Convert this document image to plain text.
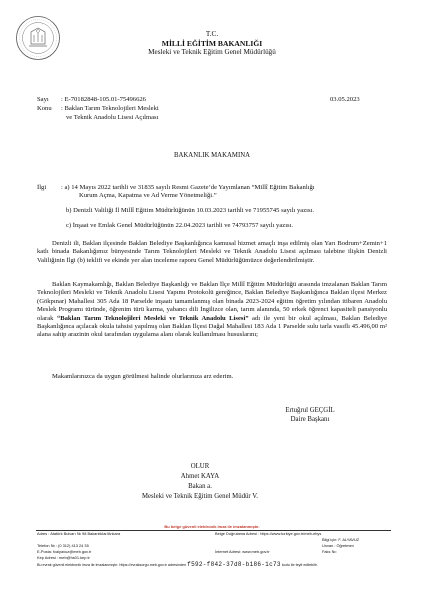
T.C.
MİLLİ EĞİTİM BAKANLIĞI
Mesleki ve Teknik Eğitim Genel Müdürlüğü
Sayı : E-70182848-105.01-75496626	03.05.2023
Konu : Baklan Tarım Teknolojileri Mesleki
ve Teknik Anadolu Lisesi Açılması
BAKANLIK MAKAMINA
İlgi : a) 14 Mayıs 2022 tarihli ve 31835 sayılı Resmi Gazete’de Yayımlanan “Millî Eğitim Bakanlığı
Kurum Açma, Kapatma ve Ad Verme Yönetmeliği.”
b) Denizli Valiliği İl Millî Eğitim Müdürlüğünün 10.03.2023 tarihli ve 71955745 sayılı yazısı.
c) İnşaat ve Emlak Genel Müdürlüğünün 22.04.2023 tarihli ve 74793757 sayılı yazısı.
Denizli ili, Baklan ilçesinde Baklan Belediye Başkanlığınca kamusal hizmet amaçlı inşa edilmiş olan Yarı Bodrum+Zemin+1 katlı binada Bakanlığımız bünyesinde Tarım Teknolojileri Mesleki ve Teknik Anadolu Lisesi açılması talebine ilişkin Denizli Valiliğinin İlgi (b) teklifi ve ekinde yer alan inceleme raporu Genel Müdürlüğümüzce değerlendirilmiştir.
Baklan Kaymakamlığı, Baklan Belediye Başkanlığı ve Baklan İlçe Millî Eğitim Müdürlüğü arasında imzalanan Baklan Tarım Teknolojileri Mesleki ve Teknik Anadolu Lisesi Yapımı Protokolü gereğince, Baklan Belediye Başkanlığınca Baklan ilçesi Merkez (Gökpınar) Mahallesi 305 Ada 18 Parselde inşaatı tamamlanmış olan binada 2023-2024 eğitim öğretim yılından itibaren Anadolu Meslek Programı türünde, öğrenim türü karma, yabancı dili İngilizce olan, tarım alanında, 50 erkek öğrenci kapasiteli pansiyonlu olarak “Baklan Tarım Teknolojileri Mesleki ve Teknik Anadolu Lisesi” adı ile yeni bir okul açılması, Baklan Belediye Başkanlığınca açılacak okula tahsisi yapılmış olan Baklan İlçesi Dağal Mahallesi 183 Ada 1 Parselde sulu tarla vasıflı 45.496,00 m² alana sahip arazinin okul tarafından uygulama alanı olarak kullanılması hususlarını;
Makamlarınızca da uygun görülmesi halinde olurlarınıza arz ederim.
Ertuğrul GEÇGİL
Daire Başkanı
OLUR
Ahmet KAYA
Bakan a.
Mesleki ve Teknik Eğitim Genel Müdür V.
Bu belge güvenli elektronik imza ile imzalanmıştır.
Adres : Atatürk Bulvarı № 98 Bakanlıklar/Ankara	Belge Doğrulama Adresi : https://www.turkiye.gov.tr/meb-ebys
Bilgi için: F. ALYAVUZ
Unvan : Öğretmen
Telefon № : (0 312) 413 24 35
E-Posta: fcalyavuz@meb.gov.tr	İnternet Adresi: www.meb.gov.tr	Faks №:
Kep Adresi : meb@hs01.kep.tr
Bu evrak güvenli elektronik imza ile imzalanmıştır. https://evraksorgu.meb.gov.tr adresinden f592-f842-37d8-b186-1c73 kodu ile teyit edilebilir.
